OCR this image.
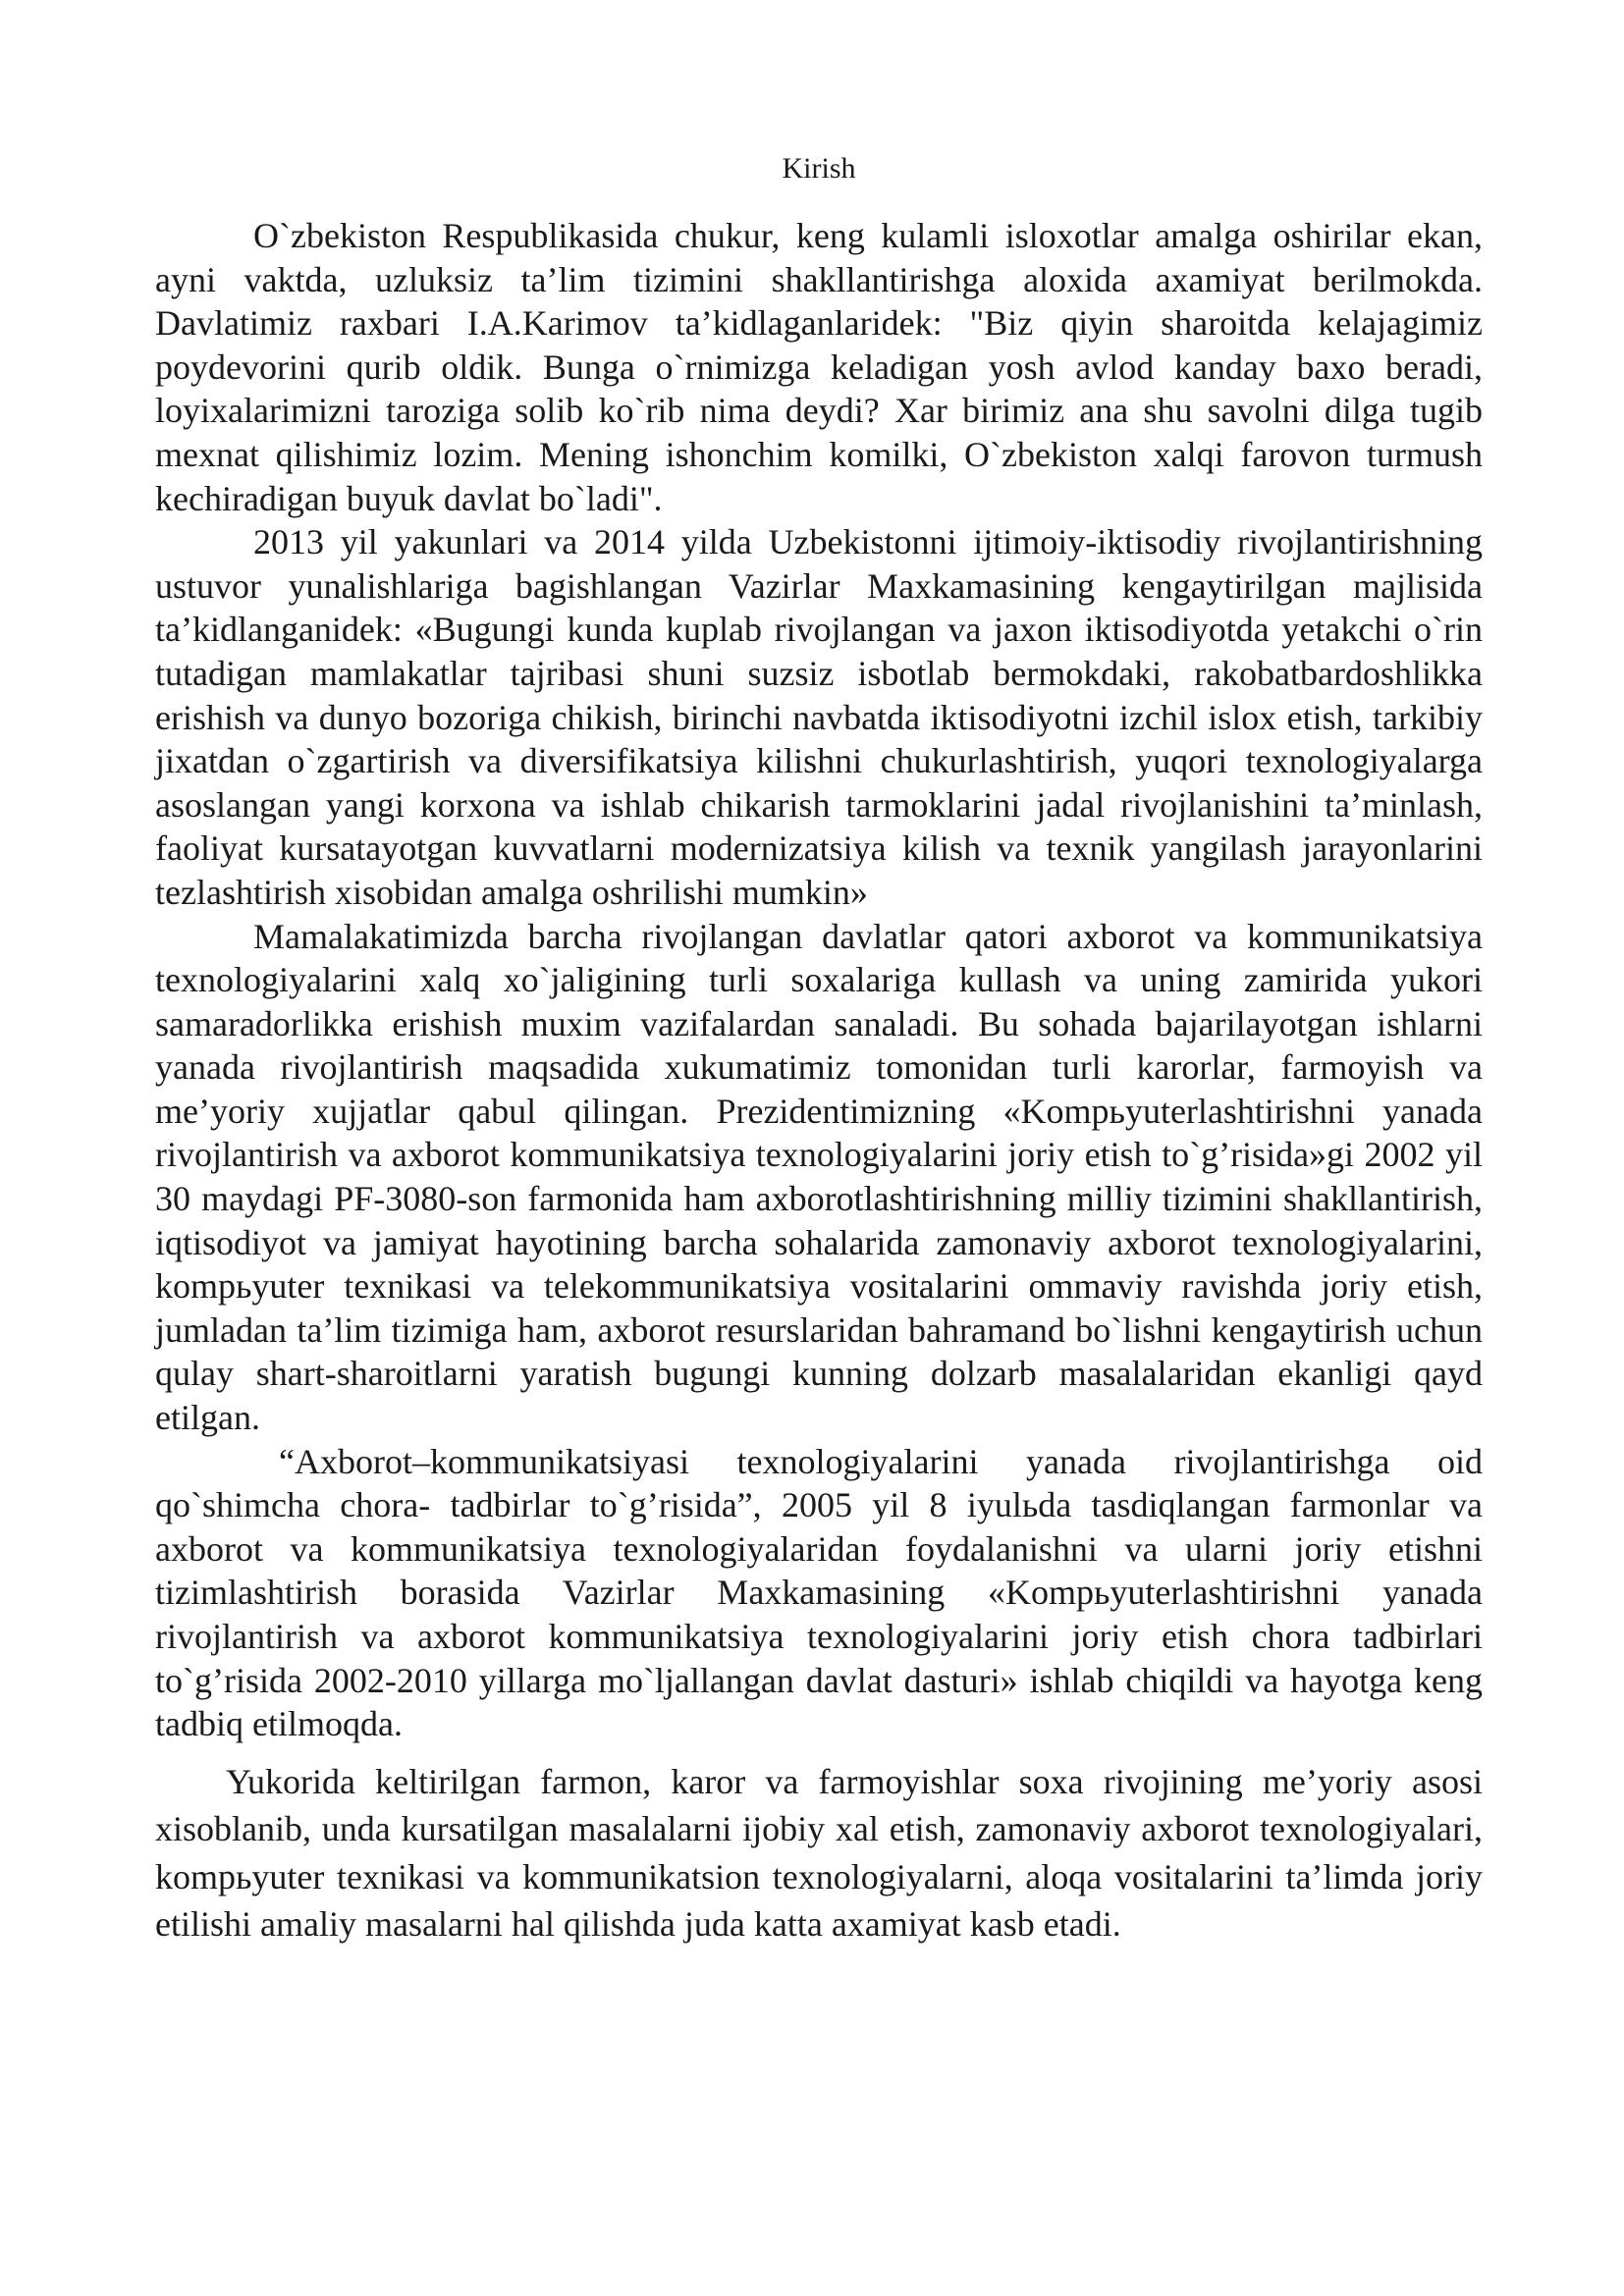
Kirish

O`zbekiston Respublikasida chukur, keng kulamli isloxotlar amalga oshirilar ekan, ayni vaktda, uzluksiz ta’lim tizimini shakllantirishga aloxida axamiyat berilmokda. Davlatimiz raxbari I.A.Karimov ta’kidlaganlaridek: "Biz qiyin sharoitda kelajagimiz poydevorini qurib oldik. Bunga o`rnimizga keladigan yosh avlod kanday baxo beradi, loyixalarimizni taroziga solib ko`rib nima deydi? Xar birimiz ana shu savolni dilga tugib mexnat qilishimiz lozim. Mening ishonchim komilki, O`zbekiston xalqi farovon turmush kechiradigan buyuk davlat bo`ladi".

2013 yil yakunlari va 2014 yilda Uzbekistonni ijtimoiy-iktisodiy rivojlantirishning ustuvor yunalishlariga bagishlangan Vazirlar Maxkamasining kengaytirilgan majlisida ta’kidlanganidek: «Bugungi kunda kuplab rivojlangan va jaxon iktisodiyotda yetakchi o`rin tutadigan mamlakatlar tajribasi shuni suzsiz isbotlab bermokdaki, rakobatbardoshlikka erishish va dunyo bozoriga chikish, birinchi navbatda iktisodiyotni izchil islox etish, tarkibiy jixatdan o`zgartirish va diversifikatsiya kilishni chukurlashtirish, yuqori texnologiyalarga asoslangan yangi korxona va ishlab chikarish tarmoklarini jadal rivojlanishini ta’minlash, faoliyat kursatayotgan kuvvatlarni modernizatsiya kilish va texnik yangilash jarayonlarini tezlashtirish xisobidan amalga oshrilishi mumkin»

Mamalakatimizda barcha rivojlangan davlatlar qatori axborot va kommunikatsiya texnologiyalarini xalq xo`jaligining turli soxalariga kullash va uning zamirida yukori samaradorlikka erishish muxim vazifalardan sanaladi. Bu sohada bajarilayotgan ishlarni yanada rivojlantirish maqsadida xukumatimiz tomonidan turli karorlar, farmoyish va me’yoriy xujjatlar qabul qilingan. Prezidentimizning «Kompьyuterlashtirishni yanada rivojlantirish va axborot kommunikatsiya texnologiyalarini joriy etish to`g’risida»gi 2002 yil 30 maydagi PF-3080-son farmonida ham axborotlashtirishning milliy tizimini shakllantirish, iqtisodiyot va jamiyat hayotining barcha sohalarida zamonaviy axborot texnologiyalarini, kompьyuter texnikasi va telekommunikatsiya vositalarini ommaviy ravishda joriy etish, jumladan ta’lim tizimiga ham, axborot resurslaridan bahramand bo`lishni kengaytirish uchun qulay shart-sharoitlarni yaratish bugungi kunning dolzarb masalalaridan ekanligi qayd etilgan.

“Axborot–kommunikatsiyasi texnologiyalarini yanada rivojlantirishga oid qo`shimcha chora- tadbirlar to`g’risida”, 2005 yil 8 iyulьda tasdiqlangan farmonlar va axborot va kommunikatsiya texnologiyalaridan foydalanishni va ularni joriy etishni tizimlashtirish borasida Vazirlar Maxkamasining «Kompьyuterlashtirishni yanada rivojlantirish va axborot kommunikatsiya texnologiyalarini joriy etish chora tadbirlari to`g’risida 2002-2010 yillarga mo`ljallangan davlat dasturi» ishlab chiqildi va hayotga keng tadbiq etilmoqda.

Yukorida keltirilgan farmon, karor va farmoyishlar soxa rivojining me’yoriy asosi xisoblanib, unda kursatilgan masalalarni ijobiy xal etish, zamonaviy axborot texnologiyalari, kompьyuter texnikasi va kommunikatsion texnologiyalarni, aloqa vositalarini ta’limda joriy etilishi amaliy masalarni hal qilishda juda katta axamiyat kasb etadi.
